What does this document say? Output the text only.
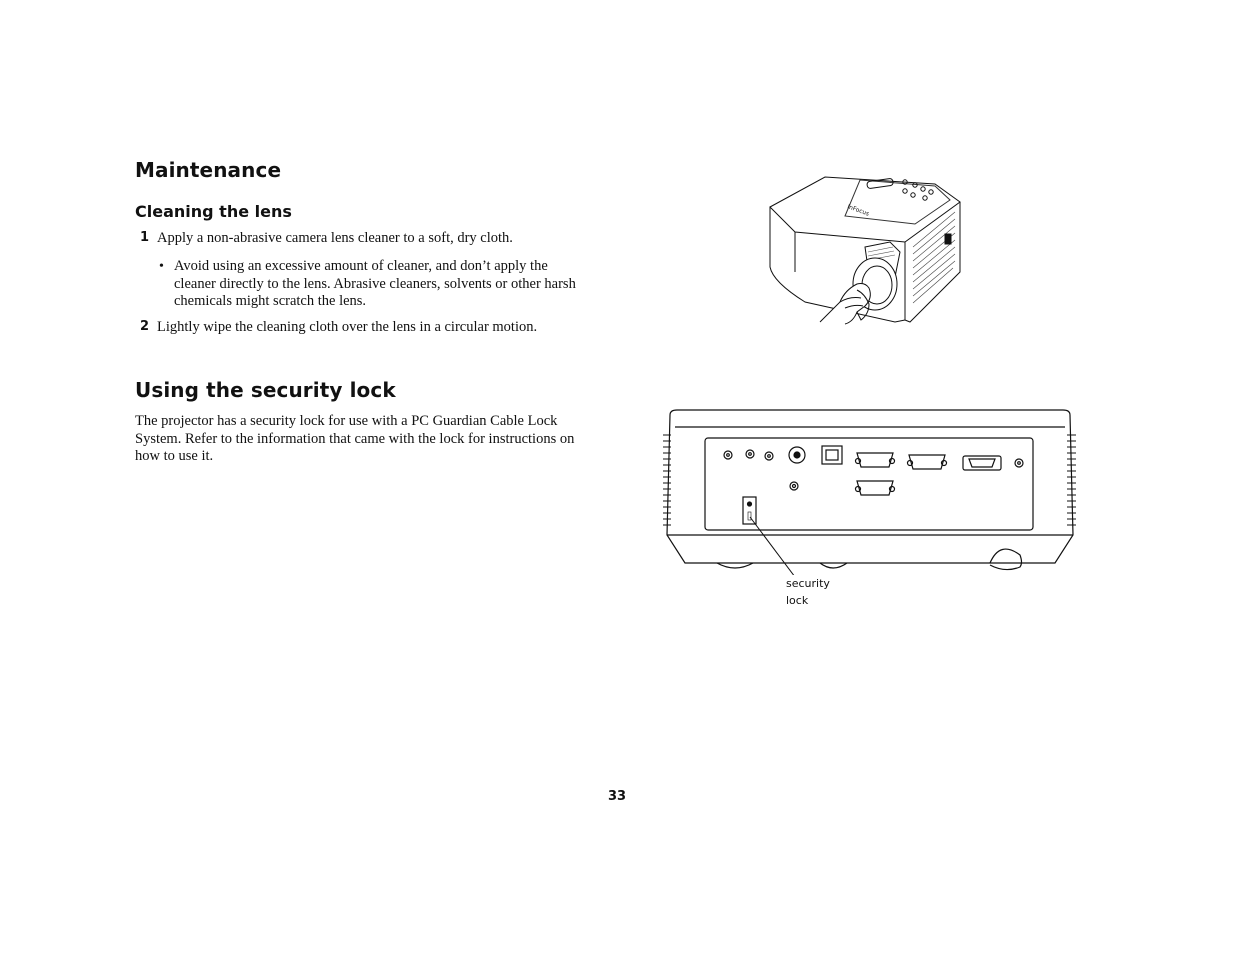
Maintenance
Cleaning the lens
1 Apply a non-abrasive camera lens cleaner to a soft, dry cloth.
• Avoid using an excessive amount of cleaner, and don’t apply the
cleaner directly to the lens. Abrasive cleaners, solvents or other harsh
chemicals might scratch the lens.
2 Lightly wipe the cleaning cloth over the lens in a circular motion.
InFocus
Using the security lock
The projector has a security lock for use with a PC Guardian Cable Lock
System. Refer to the information that came with the lock for instructions on
how to use it.
security
lock
33
